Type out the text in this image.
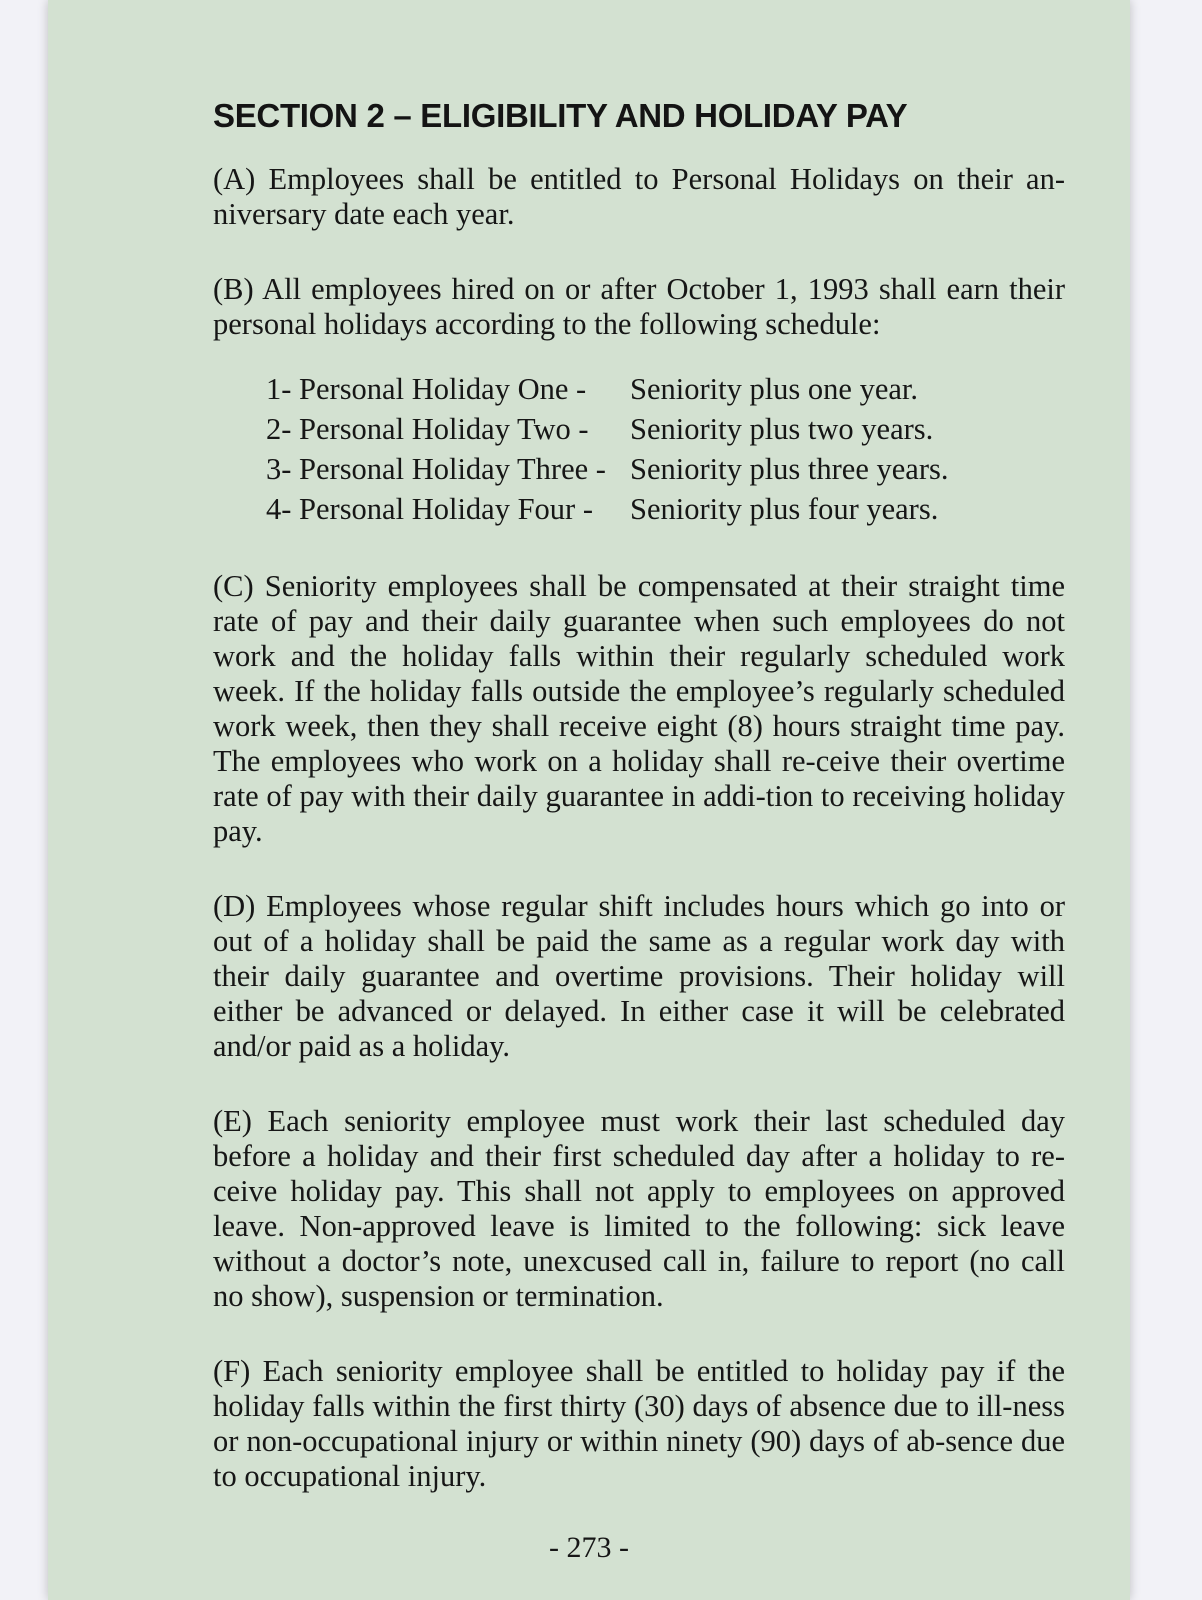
SECTION 2 – ELIGIBILITY AND HOLIDAY PAY

(A) Employees shall be entitled to Personal Holidays on their an-niversary date each year.

(B) All employees hired on or after October 1, 1993 shall earn their personal holidays according to the following schedule:

1- Personal Holiday One -	Seniority plus one year.
2- Personal Holiday Two -	Seniority plus two years.
3- Personal Holiday Three - Seniority plus three years.
4- Personal Holiday Four -	Seniority plus four years.

(C) Seniority employees shall be compensated at their straight time rate of pay and their daily guarantee when such employees do not work and the holiday falls within their regularly scheduled work week. If the holiday falls outside the employee’s regularly scheduled work week, then they shall receive eight (8) hours straight time pay. The employees who work on a holiday shall re-ceive their overtime rate of pay with their daily guarantee in addi-tion to receiving holiday pay.

(D) Employees whose regular shift includes hours which go into or out of a holiday shall be paid the same as a regular work day with their daily guarantee and overtime provisions. Their holiday will either be advanced or delayed. In either case it will be celebrated and/or paid as a holiday.

(E) Each seniority employee must work their last scheduled day before a holiday and their first scheduled day after a holiday to re-ceive holiday pay. This shall not apply to employees on approved leave. Non-approved leave is limited to the following: sick leave without a doctor’s note, unexcused call in, failure to report (no call no show), suspension or termination.

(F) Each seniority employee shall be entitled to holiday pay if the holiday falls within the first thirty (30) days of absence due to ill-ness or non-occupational injury or within ninety (90) days of ab-sence due to occupational injury.

- 273 -
